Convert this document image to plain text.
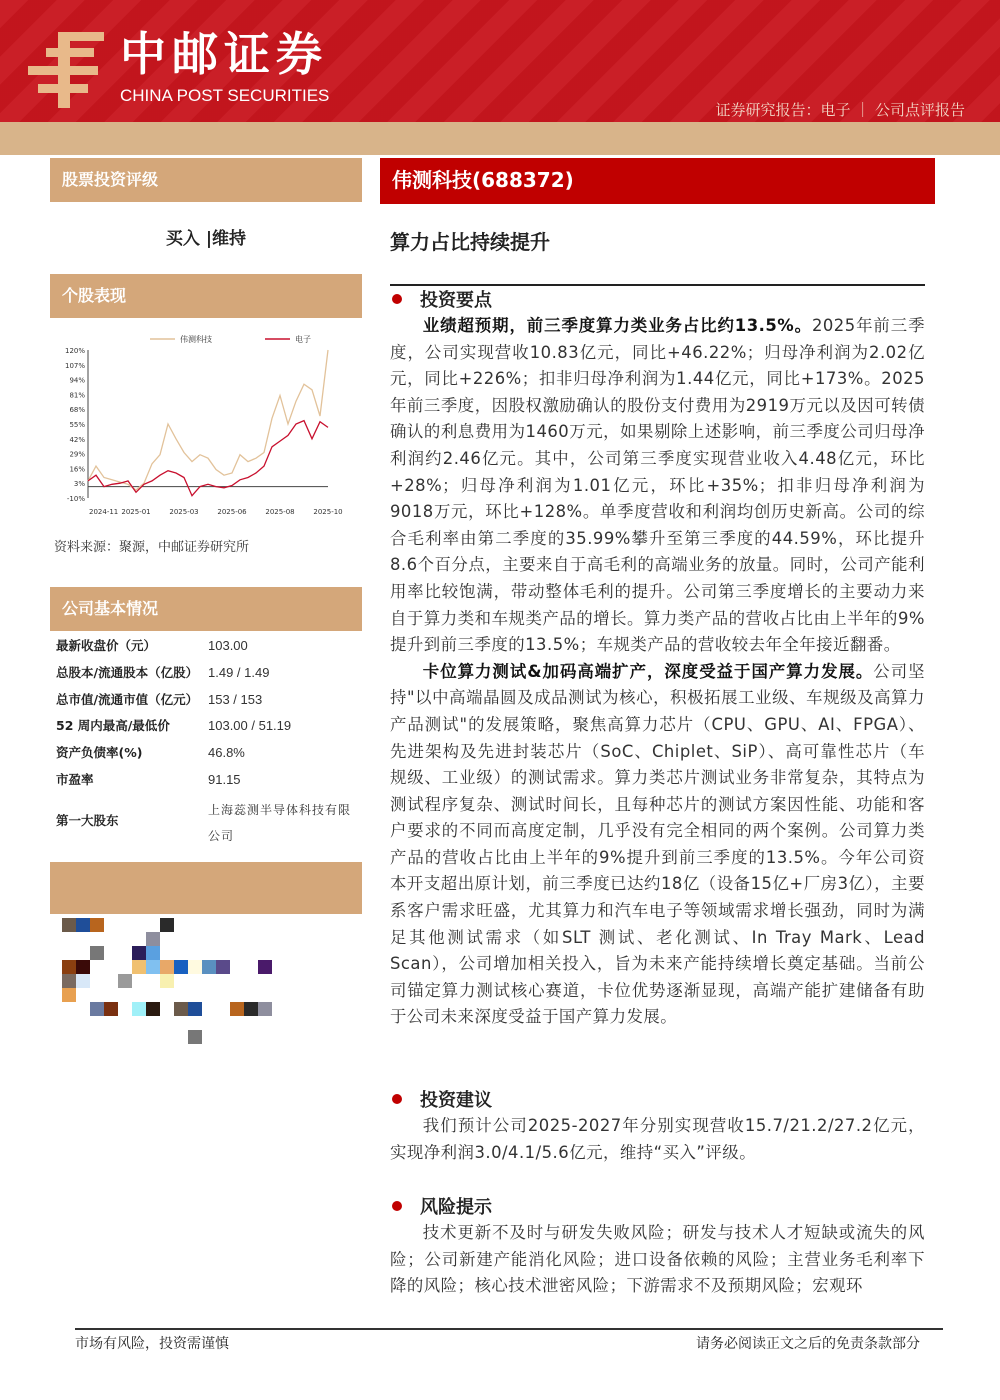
中邮证券
CHINA POST SECURITIES
证券研究报告：电子 ｜ 公司点评报告
发布时间：2025-11-03
股票投资评级	伟测科技(688372)
买入 |维持	算力占比持续提升
个股表现
120%
107%
94%
81%
68%
55%
42%
29%
16%
3%
-10%
2024-11 2025-01	2025-03	2025-06	2025-08	2025-10
伟测科技	电子
资料来源：聚源，中邮证券研究所
公司基本情况
最新收盘价（元）	103.00
总股本/流通股本（亿股）	1.49 / 1.49
总市值/流通市值（亿元）	153 / 153
52 周内最高/最低价	103.00 / 51.19
资产负债率(%)	46.8%
市盈率	91.15
第一大股东	上海蕊测半导体科技有限公司
投资要点

业绩超预期，前三季度算力类业务占比约13.5%。2025年前三季度，公司实现营收10.83亿元，同比+46.22%；归母净利润为2.02亿元，同比+226%；扣非归母净利润为1.44亿元，同比+173%。2025年前三季度，因股权激励确认的股份支付费用为2919万元以及因可转债确认的利息费用为1460万元，如果剔除上述影响，前三季度公司归母净利润约2.46亿元。其中，公司第三季度实现营业收入4.48亿元，环比+28%；归母净利润为1.01亿元，环比+35%；扣非归母净利润为9018万元，环比+128%。单季度营收和利润均创历史新高。公司的综合毛利率由第二季度的35.99%攀升至第三季度的44.59%，环比提升8.6个百分点，主要来自于高毛利的高端业务的放量。同时，公司产能利用率比较饱满，带动整体毛利的提升。公司第三季度增长的主要动力来自于算力类和车规类产品的增长。算力类产品的营收占比由上半年的9%提升到前三季度的13.5%；车规类产品的营收较去年全年接近翻番。

卡位算力测试&加码高端扩产，深度受益于国产算力发展。公司坚持"以中高端晶圆及成品测试为核心，积极拓展工业级、车规级及高算力产品测试"的发展策略，聚焦高算力芯片（CPU、GPU、AI、FPGA）、先进架构及先进封装芯片（SoC、Chiplet、SiP）、高可靠性芯片（车规级、工业级）的测试需求。算力类芯片测试业务非常复杂，其特点为测试程序复杂、测试时间长，且每种芯片的测试方案因性能、功能和客户要求的不同而高度定制，几乎没有完全相同的两个案例。公司算力类产品的营收占比由上半年的9%提升到前三季度的13.5%。今年公司资本开支超出原计划，前三季度已达约18亿（设备15亿+厂房3亿），主要系客户需求旺盛，尤其算力和汽车电子等领域需求增长强劲，同时为满足其他测试需求（如SLT 测试、老化测试、In Tray Mark、Lead Scan），公司增加相关投入，旨为未来产能持续增长奠定基础。当前公司锚定算力测试核心赛道，卡位优势逐渐显现，高端产能扩建储备有助于公司未来深度受益于国产算力发展。

投资建议

我们预计公司2025-2027年分别实现营收15.7/21.2/27.2亿元，实现净利润3.0/4.1/5.6亿元，维持“买入”评级。

风险提示

技术更新不及时与研发失败风险；研发与技术人才短缺或流失的风险；公司新建产能消化风险；进口设备依赖的风险；主营业务毛利率下降的风险；核心技术泄密风险；下游需求不及预期风险；宏观环

市场有风险，投资需谨慎	请务必阅读正文之后的免责条款部分
